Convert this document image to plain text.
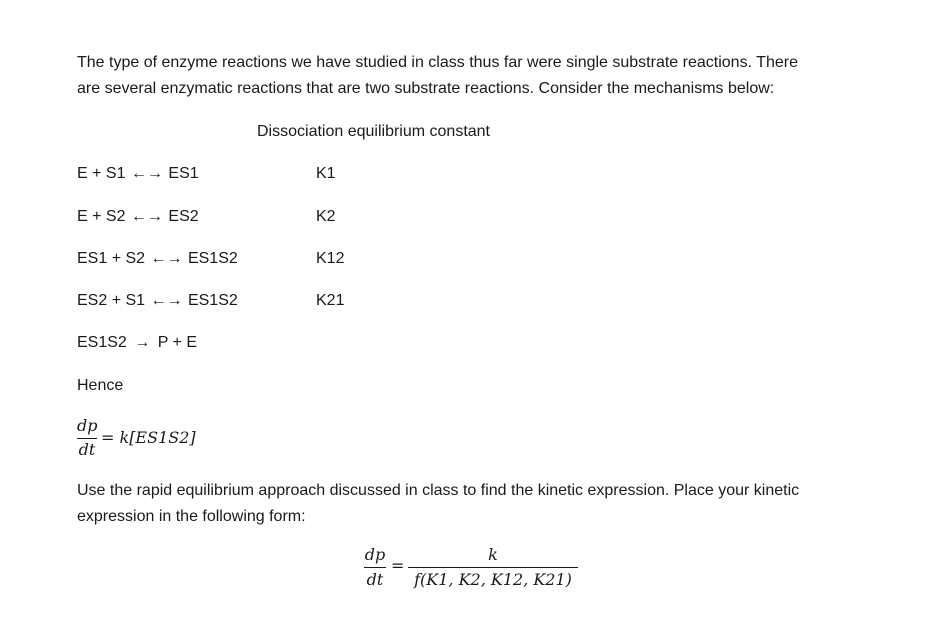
The type of enzyme reactions we have studied in class thus far were single substrate reactions. There
are several enzymatic reactions that are two substrate reactions. Consider the mechanisms below:
Dissociation equilibrium constant
E + S1 ←→ ES1	K1
E + S2 ←→ ES2	K2
ES1 + S2 ←→ ES1S2	K12
ES2 + S1 ←→ ES1S2	K21
ES1S2 → P + E
Hence
dp
dt
= k[ES1S2]
Use the rapid equilibrium approach discussed in class to find the kinetic expression. Place your kinetic
expression in the following form:
dp
dt
=
k
f(K1, K2, K12, K21)
